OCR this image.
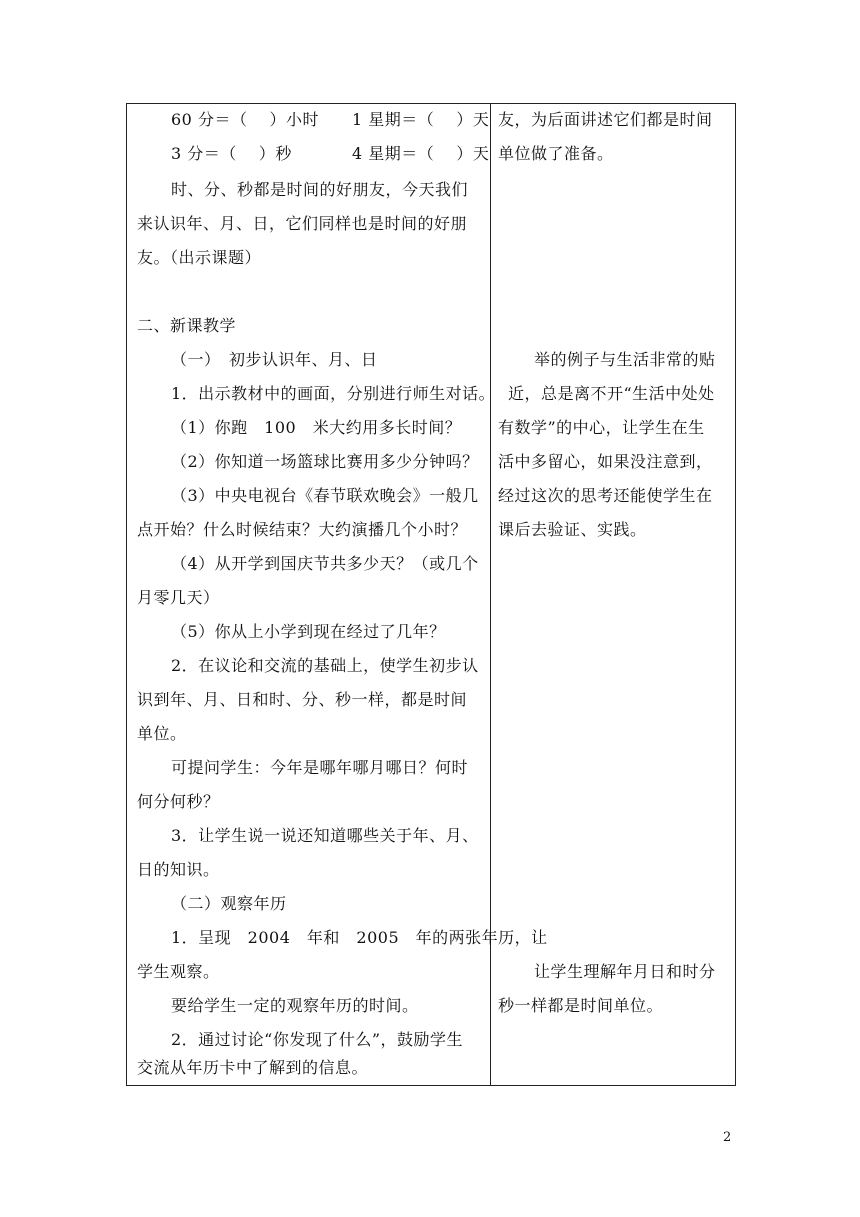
60 分＝（　 ）小时 1 星期＝（　 ）天
3 分＝（　 ）秒	4 星期＝（　 ）天
时、分、秒都是时间的好朋友，今天我们
来认识年、月、日，它们同样也是时间的好朋
友。（出示课题）
二、新课教学
（一）　初步认识年、月、日
1．出示教材中的画面，分别进行师生对话。
（1）你跑　100　米大约用多长时间？
（2）你知道一场篮球比赛用多少分钟吗？
（3）中央电视台《春节联欢晚会》一般几
点开始？什么时候结束？大约演播几个小时？
（4）从开学到国庆节共多少天？（或几个
月零几天）
（5）你从上小学到现在经过了几年？
2．在议论和交流的基础上，使学生初步认
识到年、月、日和时、分、秒一样，都是时间
单位。
可提问学生：今年是哪年哪月哪日？何时
何分何秒？
3．让学生说一说还知道哪些关于年、月、
日的知识。
（二）观察年历
1．呈现　2004　年和　2005　年的两张年历，让
学生观察。
要给学生一定的观察年历的时间。
2．通过讨论“你发现了什么”，鼓励学生
交流从年历卡中了解到的信息。
友，为后面讲述它们都是时间
单位做了准备。
举的例子与生活非常的贴
近，总是离不开“生活中处处
有数学”的中心，让学生在生
活中多留心，如果没注意到，
经过这次的思考还能使学生在
课后去验证、实践。
让学生理解年月日和时分
秒一样都是时间单位。
2
